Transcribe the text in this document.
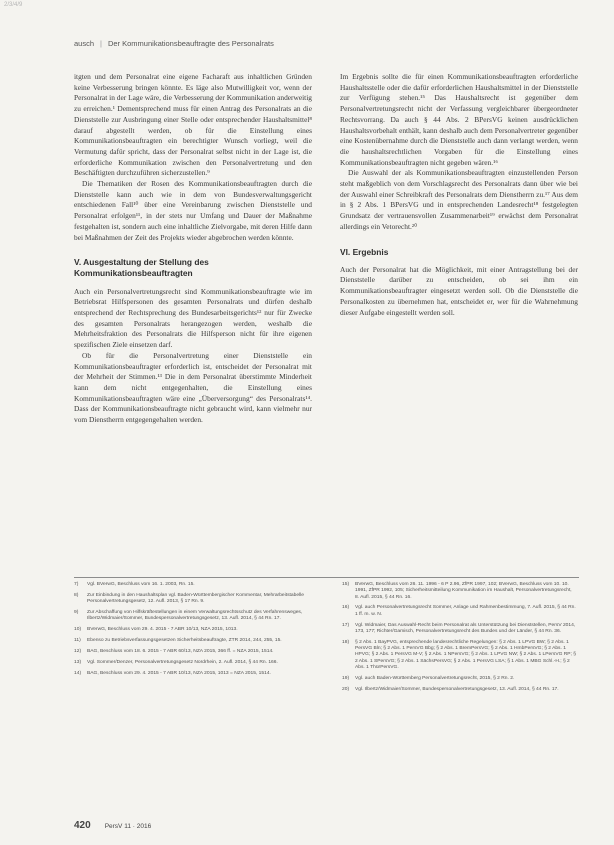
2/3/4/9
ausch | Der Kommunikationsbeauftragte des Personalrats

itgten und dem Personalrat eine eigene Facharaft aus inhaltlichen Gründen keine Verbesserung bringen könnte. Es läge also Mutwilligkeit vor, wenn der Personalrat in der Lage wäre, die Verbesserung der Kommunikation anderweitig zu erreichen.¹ Dementsprechend muss für einen Antrag des Personalrats an die Dienststelle zur Ausbringung einer Stelle oder entsprechender Haushaltsmittel⁸ darauf abgestellt werden, ob für die Einstellung eines Kommunikationsbeauftragten ein berechtigter Wunsch vorliegt, weil die Vermutung dafür spricht, dass der Personalrat selbst nicht in der Lage ist, die erforderliche Kommunikation zwischen den Personalvertretung und den Beschäftigten durchzuführen sicherzustellen.⁹

Die Thematiken der Rosen des Kommunikationsbeauftragten durch die Dienststelle kann auch wie in dem von Bundesverwaltungsgericht entschiedenen Fall¹⁰ über eine Vereinbarung zwischen Dienststelle und Personalrat erfolgen¹¹, in der stets nur Umfang und Dauer der Maßnahme festgehalten ist, sondern auch eine inhaltliche Zielvorgabe, mit deren Hilfe dann bei Maßnahmen der Zeit des Projekts wieder abgebrochen werden könnte.

V. Ausgestaltung der Stellung des Kommunikationsbeauftragten

Auch ein Personalvertretungsrecht sind Kommunikationsbeauftragte wie im Betriebsrat Hilfspersonen des gesamten Personalrats und dürfen deshalb entsprechend der Rechtsprechung des Bundesarbeitsgerichts¹² nur für Zwecke des gesamten Personalrats herangezogen werden, weshalb die Mehrheitsfraktion des Personalrats die Hilfsperson nicht für ihre eigenen spezifischen Ziele einsetzen darf.

Ob für die Personalvertretung einer Dienststelle ein Kommunikationsbeauftragter erforderlich ist, entscheidet der Personalrat mit der Mehrheit der Stimmen.¹³ Die in dem Personalrat überstimmte Minderheit kann dem nicht entgegenhalten, die Einstellung eines Kommunikationsbeauftragten wäre eine „Überversorgung“ des Personalrats¹⁴. Dass der Kommunikationsbeauftragte nicht gebraucht wird, kann vielmehr nur vom Dienstherrn entgegengehalten werden.

Im Ergebnis sollte die für einen Kommunikationsbeauftragten erforderliche Haushaltsstelle oder die dafür erforderlichen Haushaltsmittel in der Dienststelle zur Verfügung stehen.¹⁵ Das Haushaltsrecht ist gegenüber dem Personalvertretungsrecht nicht der Verfassung vergleichbarer übergeordneter Rechtsvorrang. Da auch § 44 Abs. 2 BPersVG keinen ausdrücklichen Haushaltsvorbehalt enthält, kann deshalb auch dem Personalvertreter gegenüber eine Kostenübernahme durch die Dienststelle auch dann verlangt werden, wenn die haushaltsrechtlichen Vorgaben für die Einstellung eines Kommunikationsbeauftragten nicht gegeben wären.¹⁶

Die Auswahl der als Kommunikationsbeauftragten einzustellenden Person steht maßgeblich von dem Vorschlagsrecht des Personalrats dann über wie bei der Auswahl einer Schreibkraft des Personalrats dem Dienstherrn zu.¹⁷ Aus dem in § 2 Abs. 1 BPersVG und in entsprechenden Landesrecht¹⁸ festgelegten Grundsatz der vertrauensvollen Zusammenarbeit¹⁹ erwächst dem Personalrat allerdings ein Vetorecht.²⁰

VI. Ergebnis

Auch der Personalrat hat die Möglichkeit, mit einer Antragstellung bei der Dienststelle darüber zu entscheiden, ob sei ihm ein Kommunikationsbeauftragter eingesetzt werden soll. Ob die Dienststelle die Personalkosten zu übernehmen hat, entscheidet er, wer für die Wahrnehmung dieser Aufgabe eingestellt werden soll.

7)	Vgl. BVerwG, Beschluss vom 16. 1. 2003, Rn. 15.
8)	Zur Einbindung in den Haushaltsplan vgl. Baden-Württembergischer Kommentar, Mehrarbeitstabelle Personalvertretungsgesetz, 12. Aufl. 2013, § 17 Rn. 9.
9)	Zur Abschaffung von Hilfskräftestellungen in einem Verwaltungsrechtsschutz des Verfahrensweges, Ilbertz/Widmaier/Sommer, Bundespersonalvertretungsgesetz, 13. Aufl. 2014, § 44 Rn. 17.
10)	BVerwG, Beschluss vom 29. 4. 2015 - 7 ABR 10/13, NZA 2015, 1013.
11)	Ebenso zu Betriebsverfassungsgesetzen Sicherheitsbeauftragte, ZTR 2014, 244, 255, 15.
12)	BAG, Beschluss vom 18. 6. 2015 - 7 ABR 60/13, NZA 2015, 366 ff. = NZA 2015, 1514.
13)	Vgl. Sommer/Denzer, Personalvertretungsgesetz Nordrhein, 2. Aufl. 2014, § 44 Rn. 166.
14)	BAG, Beschluss vom 29. 4. 2015 - 7 ABR 10/13, NZA 2015, 1013 = NZA 2015, 1514.
15)	BVerwG, Beschluss vom 26. 11. 1996 - 6 P 2.96, ZfPR 1997, 102; BVerwG, Beschluss vom 10. 10. 1991, ZfPR 1992, 105; Sicherheitsmitteilung Kommunikation im Haushalt, Personalvertretungsrecht, 8. Aufl. 2015, § 44 Rn. 16.
16)	Vgl. auch Personalvertretungsrecht Sommer, Anlage und Rahmenbestimmung, 7. Aufl. 2015, § 44 Rn. 1 ff. m. w. N.
17)	Vgl. Widmaier, Das Auswahl-Recht beim Personalrat als Unterstützung bei Dienststellen, PersV 2014, 173, 177; Richter/Gamisch, Personalvertretungsrecht des Bundes und der Länder, § 44 Rn. 36.
18)	§ 2 Abs. 1 BayPVG, entsprechende landesrechtliche Regelungen: § 2 Abs. 1 LPVG BW; § 2 Abs. 1 PersVG Bln; § 2 Abs. 1 PersVG Bbg; § 2 Abs. 1 BremPersVG; § 2 Abs. 1 HmbPersVG; § 2 Abs. 1 HPVG; § 2 Abs. 1 PersVG M-V; § 2 Abs. 1 NPersVG; § 2 Abs. 1 LPVG NW; § 2 Abs. 1 LPersVG RP; § 2 Abs. 1 SPersVG; § 2 Abs. 1 SächsPersVG; § 2 Abs. 1 PersVG LSA; § 1 Abs. 1 MBG Schl.-H.; § 2 Abs. 1 ThürPersVG.
19)	Vgl. auch Baden-Württemberg Personalvertretungsrecht, 2015, § 2 Rn. 2.
20)	Vgl. Ilbertz/Widmaier/Sommer, Bundespersonalvertretungsgesetz, 13. Aufl. 2014, § 44 Rn. 17.
420 PersV 11 · 2016
